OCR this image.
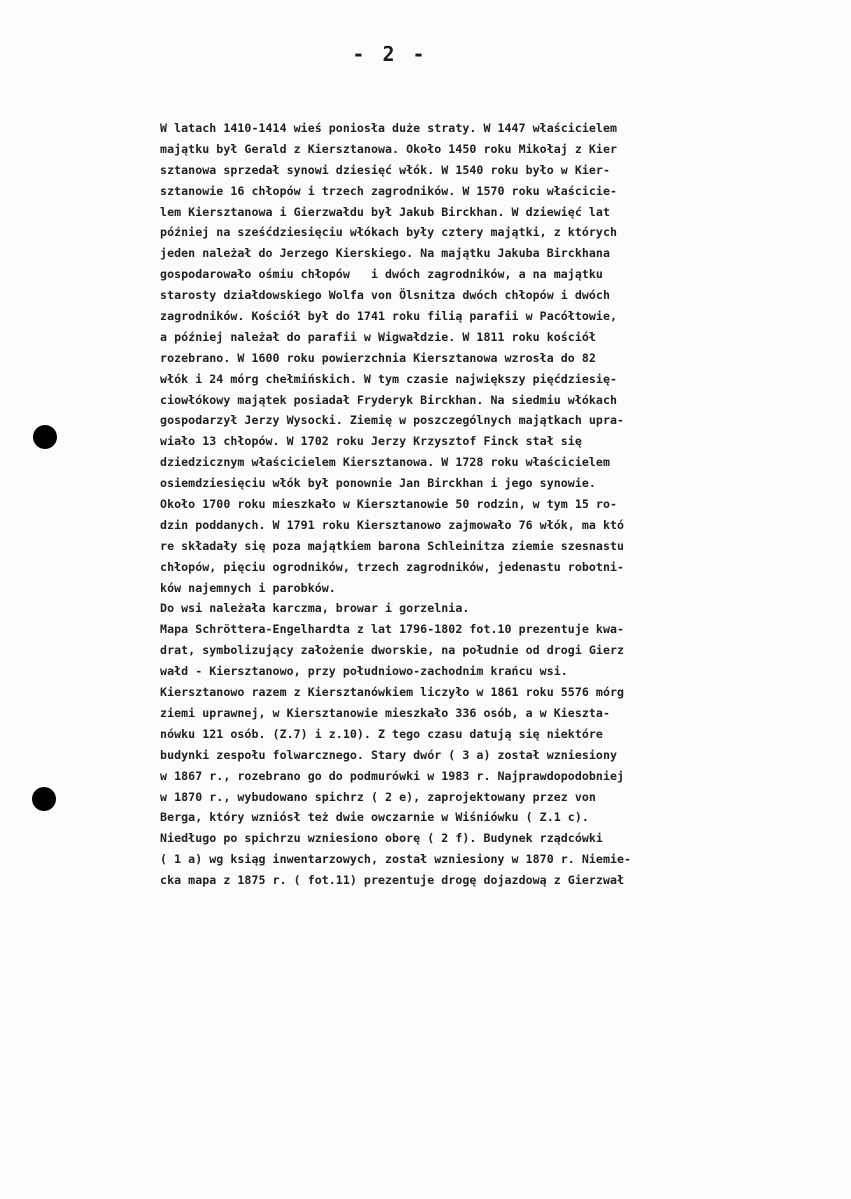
- 2 -

W latach 1410-1414 wieś poniosła duże straty. W 1447 właścicielem
majątku był Gerald z Kiersztanowa. Około 1450 roku Mikołaj z Kier
sztanowa sprzedał synowi dziesięć włók. W 1540 roku było w Kier-
sztanowie 16 chłopów i trzech zagrodników. W 1570 roku właścicie-
lem Kiersztanowa i Gierzwałdu był Jakub Birckhan. W dziewięć lat
później na sześćdziesięciu włókach były cztery majątki, z których
jeden należał do Jerzego Kierskiego. Na majątku Jakuba Birckhana
gospodarowało ośmiu chłopów   i dwóch zagrodników, a na majątku
starosty działdowskiego Wolfa von Ölsnitza dwóch chłopów i dwóch
zagrodników. Kościół był do 1741 roku filią parafii w Pacółtowie,
a później należał do parafii w Wigwałdzie. W 1811 roku kościół
rozebrano. W 1600 roku powierzchnia Kiersztanowa wzrosła do 82
włók i 24 mórg chełmińskich. W tym czasie największy pięćdziesię-
ciowłókowy majątek posiadał Fryderyk Birckhan. Na siedmiu włókach
gospodarzył Jerzy Wysocki. Ziemię w poszczególnych majątkach upra-
wiało 13 chłopów. W 1702 roku Jerzy Krzysztof Finck stał się
dziedzicznym właścicielem Kiersztanowa. W 1728 roku właścicielem
osiemdziesięciu włók był ponownie Jan Birckhan i jego synowie.
Około 1700 roku mieszkało w Kiersztanowie 50 rodzin, w tym 15 ro-
dzin poddanych. W 1791 roku Kiersztanowo zajmowało 76 włók, ma któ
re składały się poza majątkiem barona Schleinitza ziemie szesnastu
chłopów, pięciu ogrodników, trzech zagrodników, jedenastu robotni-
ków najemnych i parobków.
Do wsi należała karczma, browar i gorzelnia.
Mapa Schröttera-Engelhardta z lat 1796-1802 fot.10 prezentuje kwa-
drat, symbolizujący założenie dworskie, na południe od drogi Gierz
wałd - Kiersztanowo, przy południowo-zachodnim krańcu wsi.
Kiersztanowo razem z Kiersztanówkiem liczyło w 1861 roku 5576 mórg
ziemi uprawnej, w Kiersztanowie mieszkało 336 osób, a w Kieszta-
nówku 121 osób. (Z.7) i z.10). Z tego czasu datują się niektóre
budynki zespołu folwarcznego. Stary dwór ( 3 a) został wzniesiony
w 1867 r., rozebrano go do podmurówki w 1983 r. Najprawdopodobniej
w 1870 r., wybudowano spichrz ( 2 e), zaprojektowany przez von
Berga, który wzniósł też dwie owczarnie w Wiśniówku ( Z.1 c).
Niedługo po spichrzu wzniesiono oborę ( 2 f). Budynek rządcówki
( 1 a) wg ksiąg inwentarzowych, został wzniesiony w 1870 r. Niemie-
cka mapa z 1875 r. ( fot.11) prezentuje drogę dojazdową z Gierzwał
